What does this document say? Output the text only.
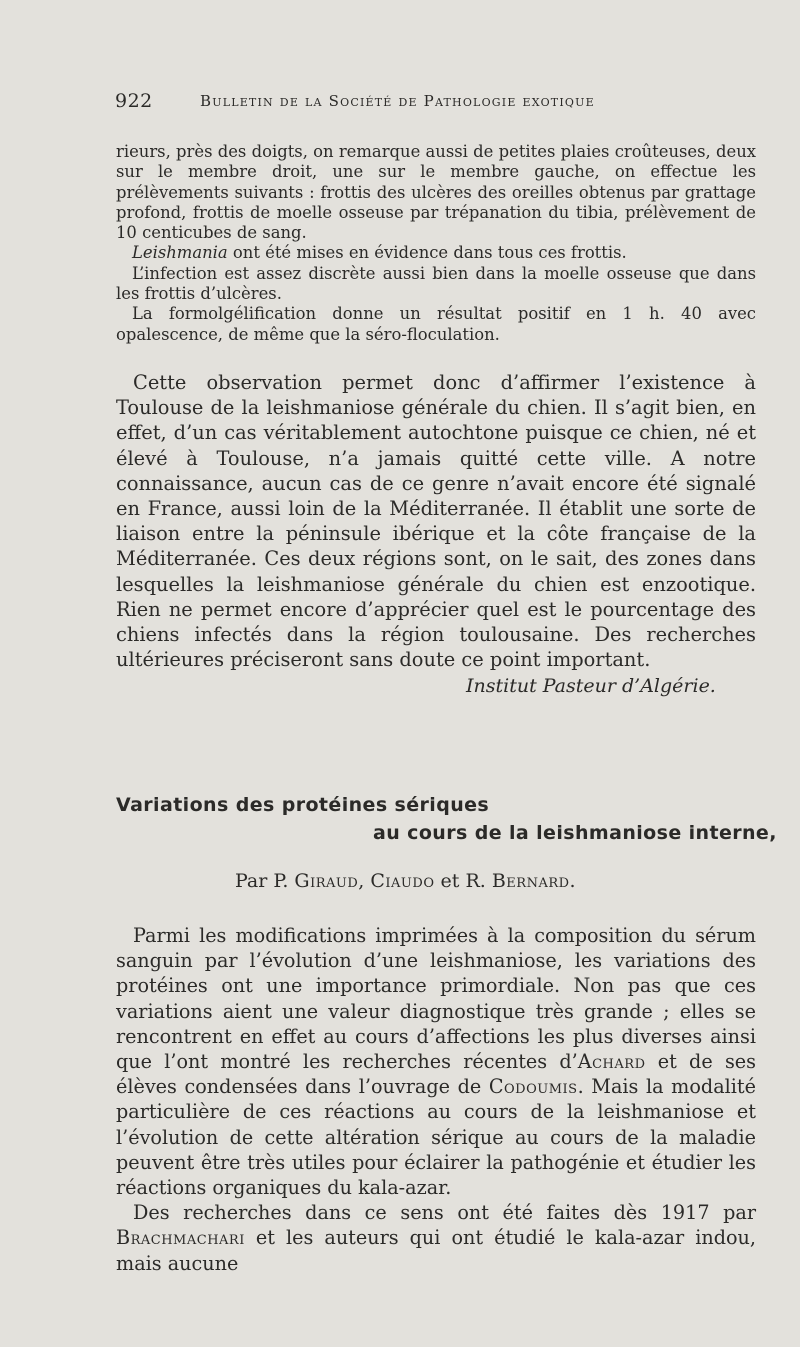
922	Bulletin de la Société de Pathologie exotique

rieurs, près des doigts, on remarque aussi de petites plaies croûteuses, deux sur le membre droit, une sur le membre gauche, on effectue les prélèvements suivants : frottis des ulcères des oreilles obtenus par grattage profond, frottis de moelle osseuse par trépanation du tibia, prélèvement de 10 centicubes de sang.

Leishmania ont été mises en évidence dans tous ces frottis.

L’infection est assez discrète aussi bien dans la moelle osseuse que dans les frottis d’ulcères.

La formolgélification donne un résultat positif en 1 h. 40 avec opalescence, de même que la séro-floculation.

Cette observation permet donc d’affirmer l’existence à Toulouse de la leishmaniose générale du chien. Il s’agit bien, en effet, d’un cas véritablement autochtone puisque ce chien, né et élevé à Toulouse, n’a jamais quitté cette ville. A notre connaissance, aucun cas de ce genre n’avait encore été signalé en France, aussi loin de la Méditerranée. Il établit une sorte de liaison entre la péninsule ibérique et la côte française de la Méditerranée. Ces deux régions sont, on le sait, des zones dans lesquelles la leishmaniose générale du chien est enzootique. Rien ne permet encore d’apprécier quel est le pourcentage des chiens infectés dans la région toulousaine. Des recherches ultérieures préciseront sans doute ce point important.

Institut Pasteur d’Algérie.
Variations des protéines sériques
au cours de la leishmaniose interne,
Par P. Giraud, Ciaudo et R. Bernard.

Parmi les modifications imprimées à la composition du sérum sanguin par l’évolution d’une leishmaniose, les variations des protéines ont une importance primordiale. Non pas que ces variations aient une valeur diagnostique très grande ; elles se rencontrent en effet au cours d’affections les plus diverses ainsi que l’ont montré les recherches récentes d’Achard et de ses élèves condensées dans l’ouvrage de Codoumis. Mais la modalité particulière de ces réactions au cours de la leishmaniose et l’évolution de cette altération sérique au cours de la maladie peuvent être très utiles pour éclairer la pathogénie et étudier les réactions organiques du kala-azar.

Des recherches dans ce sens ont été faites dès 1917 par Brachmachari et les auteurs qui ont étudié le kala-azar indou, mais aucune
